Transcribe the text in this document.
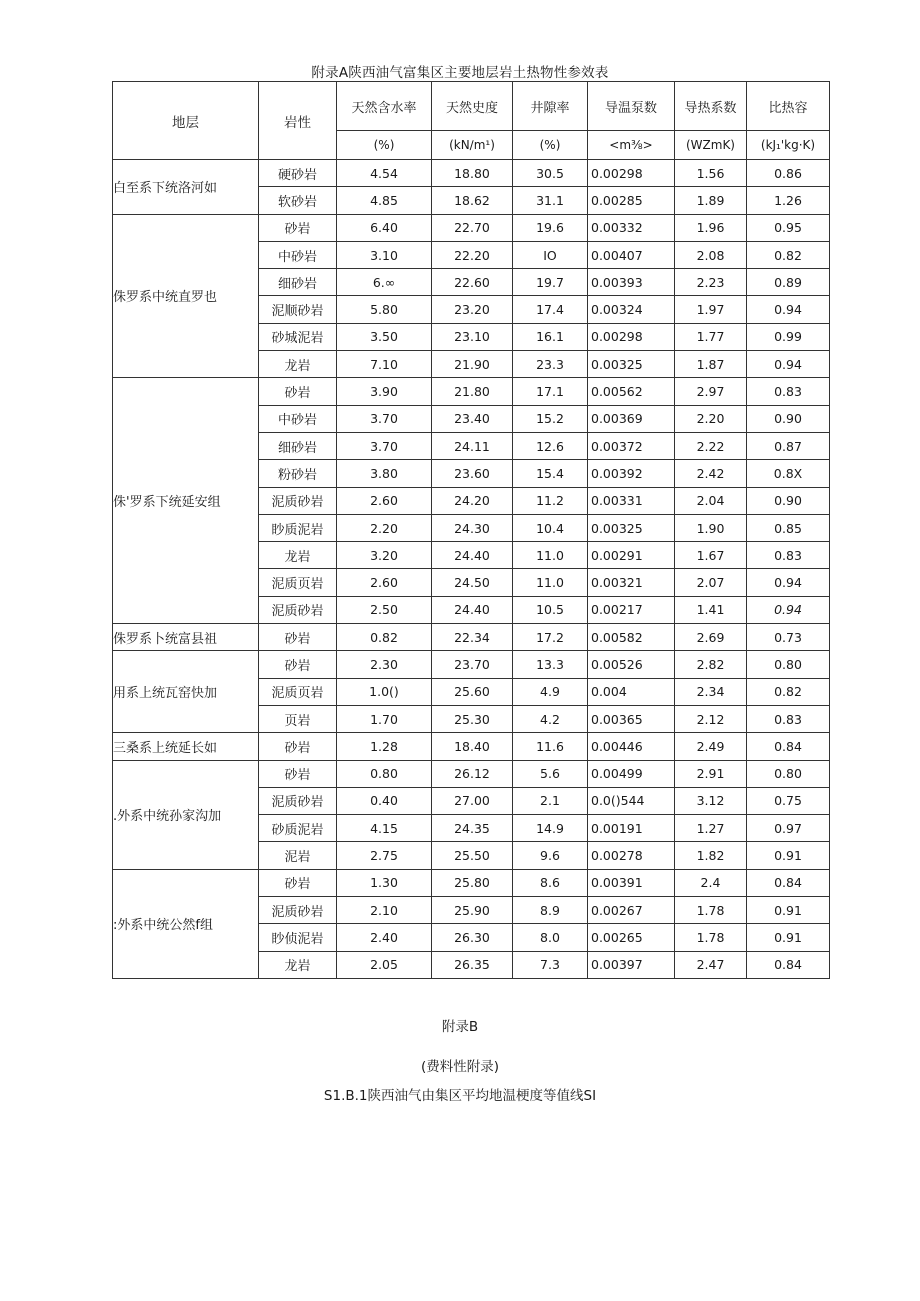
附录A陕西油气富集区主要地层岩土热物性参效表
地层	岩性	天然含水率	天然史度	井隙率	导温泵数	导热系数	比热容
		(%)	(kN∕m¹)	(%)	<m⅜>	(WZmK)	(kJ₁'kg·K)
白至系下统洛河如	硬砂岩	4.54	18.80	30.5	0.00298	1.56	0.86
	软砂岩	4.85	18.62	31.1	0.00285	1.89	1.26
侏罗系中统直罗也	砂岩	6.40	22.70	19.6	0.00332	1.96	0.95
	中砂岩	3.10	22.20	IO	0.00407	2.08	0.82
	细砂岩	6.∞	22.60	19.7	0.00393	2.23	0.89
	泥顺砂岩	5.80	23.20	17.4	0.00324	1.97	0.94
	砂城泥岩	3.50	23.10	16.1	0.00298	1.77	0.99
	龙岩	7.10	21.90	23.3	0.00325	1.87	0.94
侏'罗系下统延安组	砂岩	3.90	21.80	17.1	0.00562	2.97	0.83
	中砂岩	3.70	23.40	15.2	0.00369	2.20	0.90
	细砂岩	3.70	24.11	12.6	0.00372	2.22	0.87
	粉砂岩	3.80	23.60	15.4	0.00392	2.42	0.8X
	泥质砂岩	2.60	24.20	11.2	0.00331	2.04	0.90
	眇质泥岩	2.20	24.30	10.4	0.00325	1.90	0.85
	龙岩	3.20	24.40	11.0	0.00291	1.67	0.83
	泥质页岩	2.60	24.50	11.0	0.00321	2.07	0.94
	泥质砂岩	2.50	24.40	10.5	0.00217	1.41	0.94
侏罗系卜统富县祖	砂岩	0.82	22.34	17.2	0.00582	2.69	0.73
用系上统瓦窑快加	砂岩	2.30	23.70	13.3	0.00526	2.82	0.80
	泥质页岩	1.0()	25.60	4.9	0.004	2.34	0.82
	页岩	1.70	25.30	4.2	0.00365	2.12	0.83
三桑系上统延长如	砂岩	1.28	18.40	11.6	0.00446	2.49	0.84
.外系中统孙家沟加	砂岩	0.80	26.12	5.6	0.00499	2.91	0.80
	泥质砂岩	0.40	27.00	2.1	0.0()544	3.12	0.75
	砂质泥岩	4.15	24.35	14.9	0.00191	1.27	0.97
	泥岩	2.75	25.50	9.6	0.00278	1.82	0.91
:外系中统公然f组	砂岩	1.30	25.80	8.6	0.00391	2.4	0.84
	泥质砂岩	2.10	25.90	8.9	0.00267	1.78	0.91
	眇侦泥岩	2.40	26.30	8.0	0.00265	1.78	0.91
	龙岩	2.05	26.35	7.3	0.00397	2.47	0.84
附录B
(费料性附录)
S1.B.1陕西油气由集区平均地温梗度等值线SI
